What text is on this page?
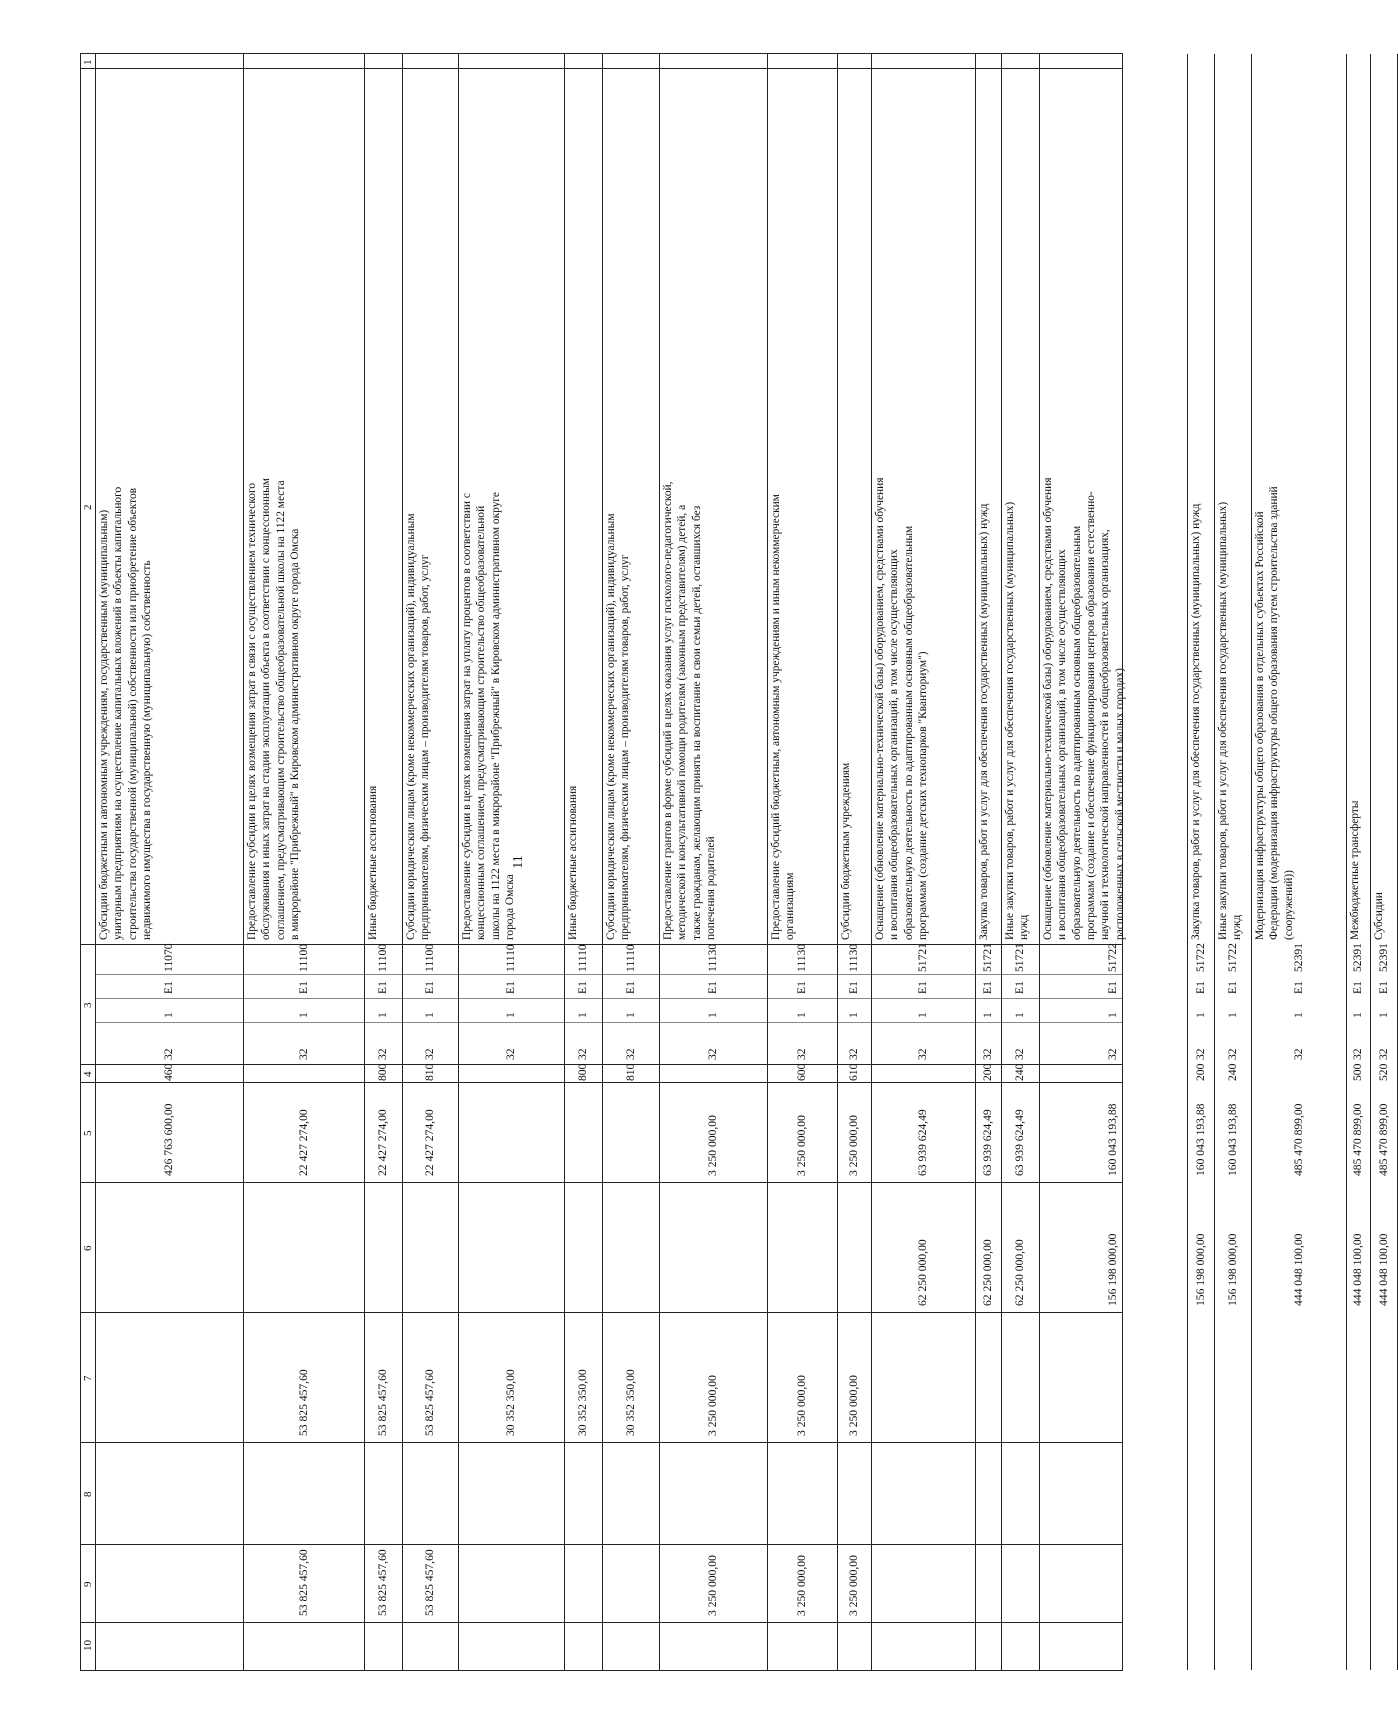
11
1
2
3
4
5
6
7
8
9
10
Субсидии бюджетным и автономным учреждениям, государственным (муниципальным)
унитарным предприятиям на осуществление капитальных вложений в объекты капитального
строительства государственной (муниципальной) собственности или приобретение объектов
недвижимого имущества в государственную (муниципальную) собственность
32
1
E1
11070
460
426 763 600,00
Предоставление субсидии в целях возмещения затрат в связи с осуществлением технического
обслуживания и иных затрат на стадии эксплуатации объекта в соответствии с концессионным
соглашением, предусматривающим строительство общеобразовательной школы на 1122 места
в микрорайоне "Прибрежный" в Кировском административном округе города Омска
32
1
E1
11100
22 427 274,00
53 825 457,60
53 825 457,60
Иные бюджетные ассигнования
32
1
E1
11100
800
22 427 274,00
53 825 457,60
53 825 457,60
Субсидии юридическим лицам (кроме некоммерческих организаций), индивидуальным
предпринимателям, физическим лицам – производителям товаров, работ, услуг
32
1
E1
11100
810
22 427 274,00
53 825 457,60
53 825 457,60
Предоставление субсидии в целях возмещения затрат на уплату процентов в соответствии с
концессионным соглашением, предусматривающим строительство общеобразовательной
школы на 1122 места в микрорайоне "Прибрежный" в Кировском административном округе
города Омска
32
1
E1
11110
30 352 350,00
Иные бюджетные ассигнования
32
1
E1
11110
800
30 352 350,00
Субсидии юридическим лицам (кроме некоммерческих организаций), индивидуальным
предпринимателям, физическим лицам – производителям товаров, работ, услуг
32
1
E1
11110
810
30 352 350,00
Предоставление грантов в форме субсидий в целях оказания услуг психолого-педагогической,
методической и консультативной помощи родителям (законным представителям) детей, а
также гражданам, желающим принять на воспитание в свои семьи детей, оставшихся без
попечения родителей
32
1
E1
11130
3 250 000,00
3 250 000,00
3 250 000,00
Предоставление субсидий бюджетным, автономным учреждениям и иным некоммерческим
организациям
32
1
E1
11130
600
3 250 000,00
3 250 000,00
3 250 000,00
Субсидии бюджетным учреждениям
32
1
E1
11130
610
3 250 000,00
3 250 000,00
3 250 000,00
Оснащение (обновление материально-технической базы) оборудованием, средствами обучения
и воспитания общеобразовательных организаций, в том числе осуществляющих
образовательную деятельность по адаптированным основным общеобразовательным
программам (создание детских технопарков "Кванториум")
32
1
E1
51721
63 939 624,49
62 250 000,00
Закупка товаров, работ и услуг для обеспечения государственных (муниципальных) нужд
32
1
E1
51721
200
63 939 624,49
62 250 000,00
Иные закупки товаров, работ и услуг для обеспечения государственных (муниципальных)
нужд
32
1
E1
51721
240
63 939 624,49
62 250 000,00
Оснащение (обновление материально-технической базы) оборудованием, средствами обучения
и воспитания общеобразовательных организаций, в том числе осуществляющих
образовательную деятельность по адаптированным основным общеобразовательным
программам (создание и обеспечение функционирования центров образования естественно-
научной и технологической направленностей в общеобразовательных организациях,
расположенных в сельской местности и малых городах)
32
1
E1
51722
160 043 193,88
156 198 000,00
Закупка товаров, работ и услуг для обеспечения государственных (муниципальных) нужд
32
1
E1
51722
200
160 043 193,88
156 198 000,00
Иные закупки товаров, работ и услуг для обеспечения государственных (муниципальных)
нужд
32
1
E1
51722
240
160 043 193,88
156 198 000,00
Модернизация инфраструктуры общего образования в отдельных субъектах Российской
Федерации (модернизация инфраструктуры общего образования путем строительства зданий
(сооружений))
32
1
E1
52391
485 470 899,00
444 048 100,00
Межбюджетные трансферты
32
1
E1
52391
500
485 470 899,00
444 048 100,00
Субсидии
32
1
E1
52391
520
485 470 899,00
444 048 100,00
